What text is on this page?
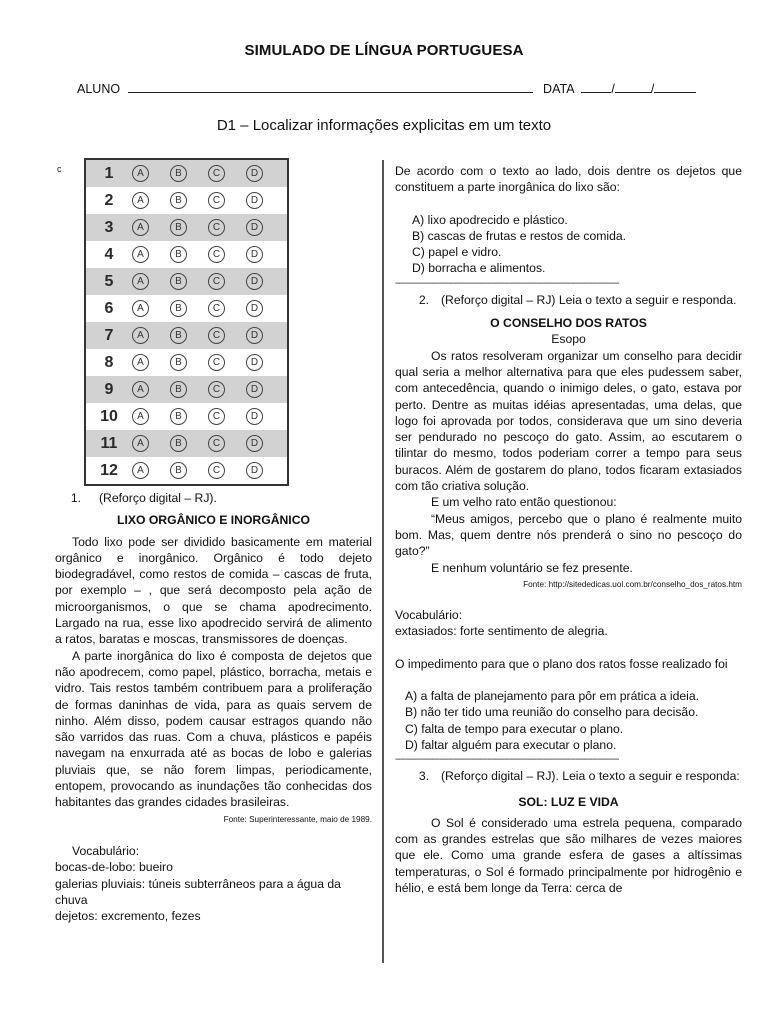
SIMULADO DE LÍNGUA PORTUGUESA
ALUNO	DATA	/	/
D1 – Localizar informações explicitas em um texto
c	1	A	B	C	D
2	A	B	C	D
3	A	B	C	D
4	A	B	C	D
5	A	B	C	D
6	A	B	C	D
7	A	B	C	D
8	A	B	C	D
9	A	B	C	D
10	A	B	C	D
11	A	B	C	D
12	A	B	C	D
1.	(Reforço digital – RJ).
LIXO ORGÂNICO E INORGÂNICO

Todo lixo pode ser dividido basicamente em material orgânico e inorgânico. Orgânico é todo dejeto biodegradável, como restos de comida – cascas de fruta, por exemplo – , que será decomposto pela ação de microorganismos, o que se chama apodrecimento. Largado na rua, esse lixo apodrecido servirá de alimento a ratos, baratas e moscas, transmissores de doenças.

A parte inorgânica do lixo é composta de dejetos que não apodrecem, como papel, plástico, borracha, metais e vidro. Tais restos também contribuem para a proliferação de formas daninhas de vida, para as quais servem de ninho. Além disso, podem causar estragos quando não são varridos das ruas. Com a chuva, plásticos e papéis navegam na enxurrada até as bocas de lobo e galerias pluviais que, se não forem limpas, periodicamente, entopem, provocando as inundações tão conhecidas dos habitantes das grandes cidades brasileiras.

Fonte: Superinteressante, maio de 1989.
Vocabulário:
bocas-de-lobo: bueiro
galerias pluviais: túneis subterrâneos para a água da chuva
dejetos: excremento, fezes

De acordo com o texto ao lado, dois dentre os dejetos que constituem a parte inorgânica do lixo são:

A) lixo apodrecido e plástico.
B) cascas de frutas e restos de comida.
C) papel e vidro.
D) borracha e alimentos.
--------------------------------------------------------------------------------------------
2. (Reforço digital – RJ) Leia o texto a seguir e responda.
O CONSELHO DOS RATOS
Esopo

Os ratos resolveram organizar um conselho para decidir qual seria a melhor alternativa para que eles pudessem saber, com antecedência, quando o inimigo deles, o gato, estava por perto. Dentre as muitas idéias apresentadas, uma delas, que logo foi aprovada por todos, considerava que um sino deveria ser pendurado no pescoço do gato. Assim, ao escutarem o tilintar do mesmo, todos poderiam correr a tempo para seus buracos. Além de gostarem do plano, todos ficaram extasiados com tão criativa solução.

E um velho rato então questionou:

“Meus amigos, percebo que o plano é realmente muito bom. Mas, quem dentre nós prenderá o sino no pescoço do gato?”

E nenhum voluntário se fez presente.

Fonte: http://sitededicas.uol.com.br/conselho_dos_ratos.htm
Vocabulário:
extasiados: forte sentimento de alegria.

O impedimento para que o plano dos ratos fosse realizado foi

A) a falta de planejamento para pôr em prática a ideia.
B) não ter tido uma reunião do conselho para decisão.
C) falta de tempo para executar o plano.
D) faltar alguém para executar o plano.
--------------------------------------------------------------------------------------------
3. (Reforço digital – RJ). Leia o texto a seguir e responda:
SOL: LUZ E VIDA

O Sol é considerado uma estrela pequena, comparado com as grandes estrelas que são milhares de vezes maiores que ele. Como uma grande esfera de gases a altíssimas temperaturas, o Sol é formado principalmente por hidrogênio e hélio, e está bem longe da Terra: cerca de
